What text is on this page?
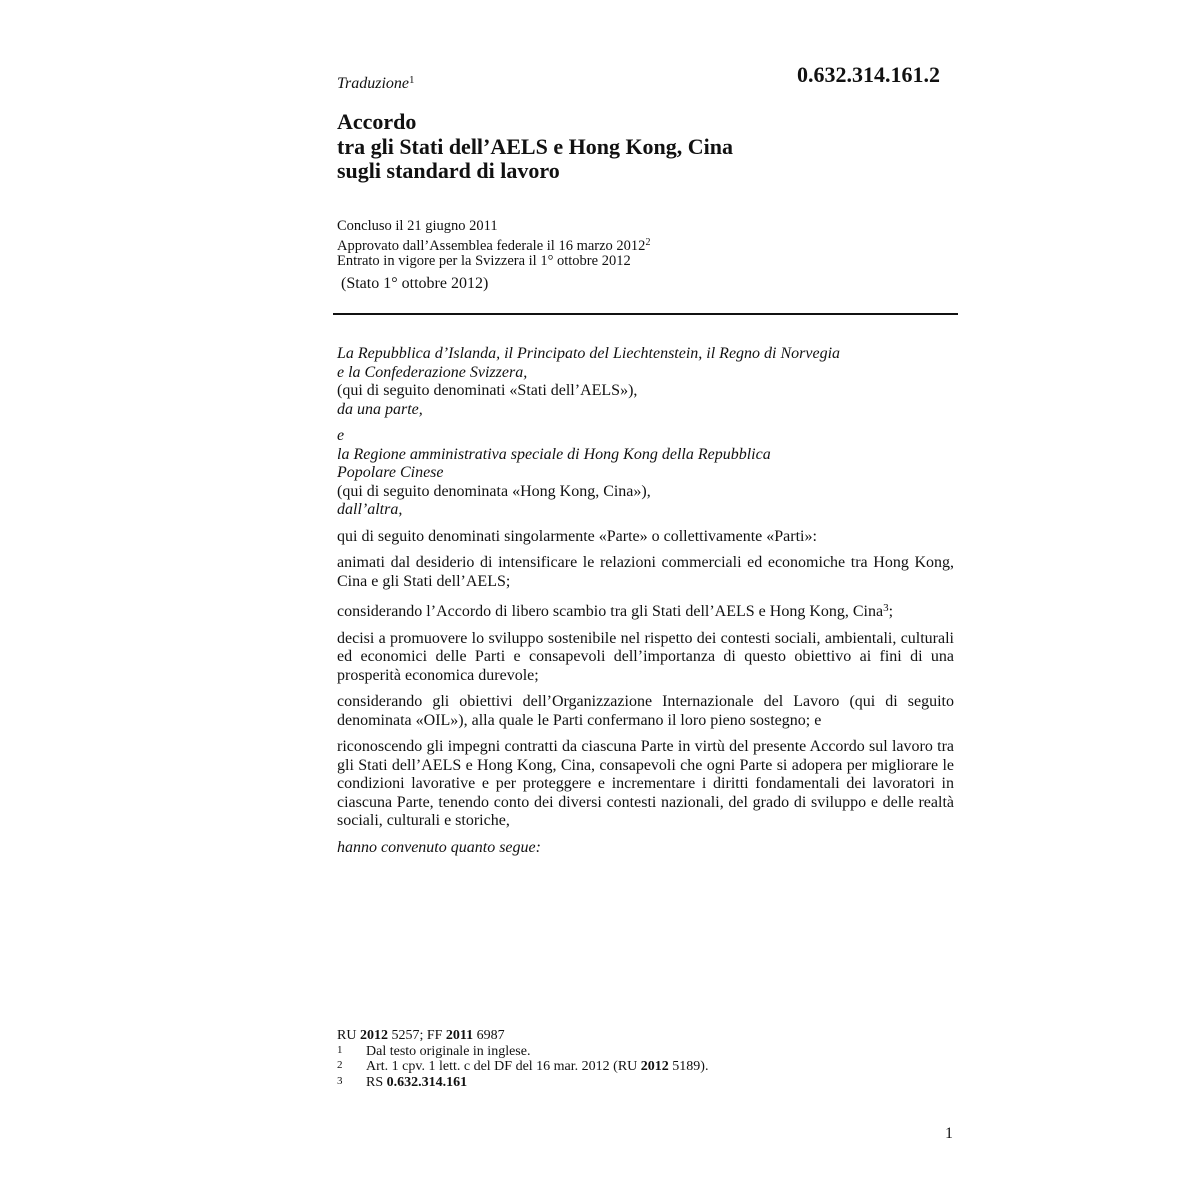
0.632.314.161.2
Traduzione$^1$
Accordo
tra gli Stati dell’AELS e Hong Kong, Cina
sugli standard di lavoro
Concluso il 21 giugno 2011
Approvato dall’Assemblea federale il 16 marzo 2012$^2$
Entrato in vigore per la Svizzera il 1° ottobre 2012
(Stato 1° ottobre 2012)

La Repubblica d’Islanda, il Principato del Liechtenstein, il Regno di Norvegia
e la Confederazione Svizzera,
(qui di seguito denominati «Stati dell’AELS»),
da una parte,

e

la Regione amministrativa speciale di Hong Kong della Repubblica
Popolare Cinese
(qui di seguito denominata «Hong Kong, Cina»),
dall’altra,

qui di seguito denominati singolarmente «Parte» o collettivamente «Parti»:

animati dal desiderio di intensificare le relazioni commerciali ed economiche tra Hong Kong, Cina e gli Stati dell’AELS;

considerando l’Accordo di libero scambio tra gli Stati dell’AELS e Hong Kong, Cina$^3$;

decisi a promuovere lo sviluppo sostenibile nel rispetto dei contesti sociali, ambientali, culturali ed economici delle Parti e consapevoli dell’importanza di questo obiettivo ai fini di una prosperità economica durevole;

considerando gli obiettivi dell’Organizzazione Internazionale del Lavoro (qui di seguito denominata «OIL»), alla quale le Parti confermano il loro pieno sostegno; e

riconoscendo gli impegni contratti da ciascuna Parte in virtù del presente Accordo sul lavoro tra gli Stati dell’AELS e Hong Kong, Cina, consapevoli che ogni Parte si adopera per migliorare le condizioni lavorative e per proteggere e incrementare i diritti fondamentali dei lavoratori in ciascuna Parte, tenendo conto dei diversi contesti nazionali, del grado di sviluppo e delle realtà sociali, culturali e storiche,

hanno convenuto quanto segue:

RU 2012 5257; FF 2011 6987
1	Dal testo originale in inglese.
2	Art. 1 cpv. 1 lett. c del DF del 16 mar. 2012 (RU 2012 5189).
3	RS 0.632.314.161
1
